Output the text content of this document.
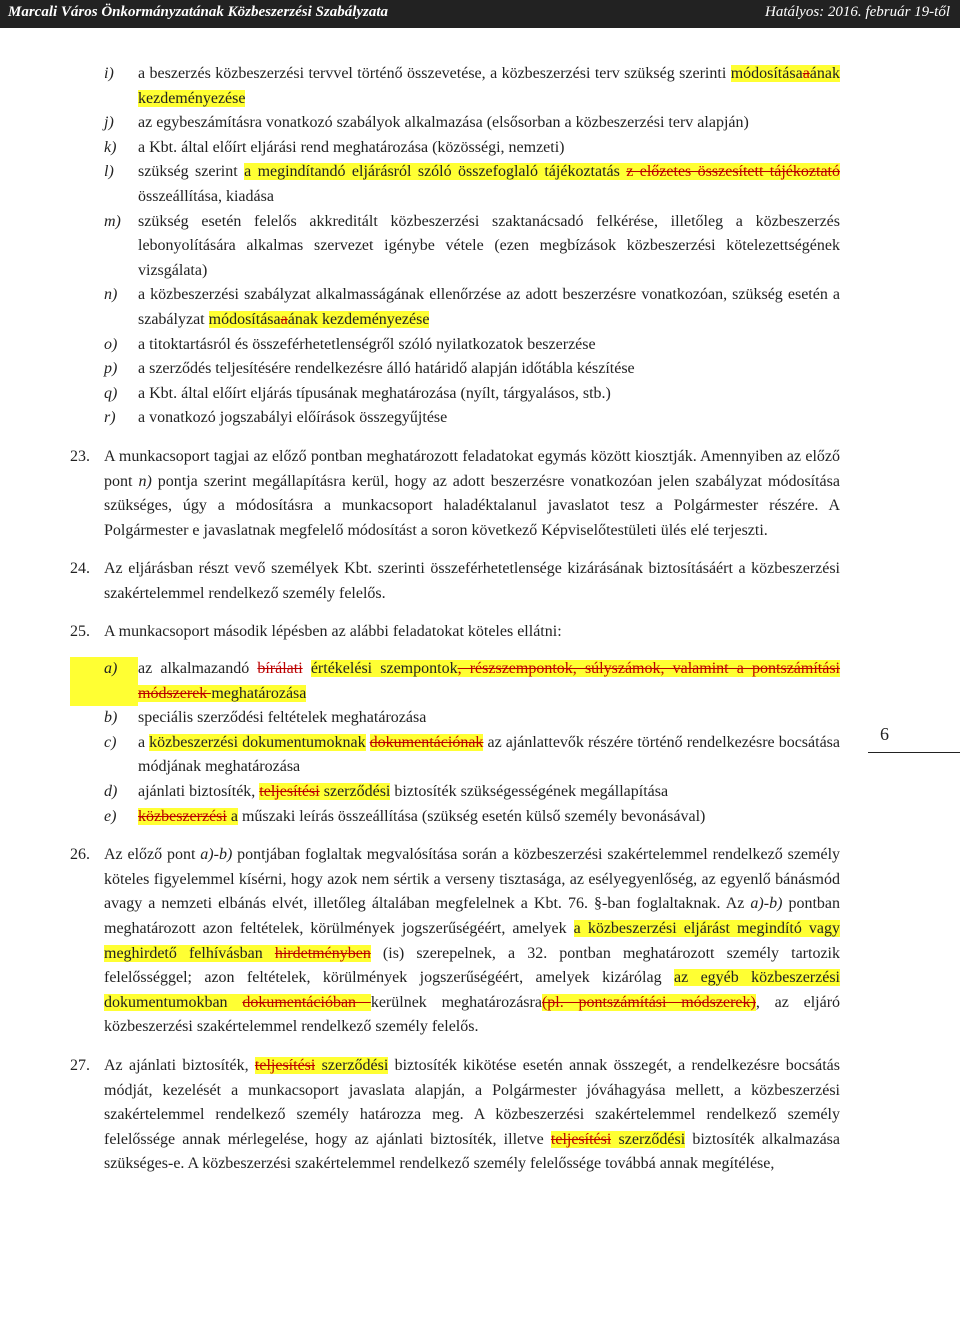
Marcali Város Önkormányzatának Közbeszerzési Szabályzata	Hatályos: 2016. február 19-től
i)	a beszerzés közbeszerzési tervvel történő összevetése, a közbeszerzési terv szükség szerinti módosításaaának kezdeményezése
j)	az egybeszámításra vonatkozó szabályok alkalmazása (elsősorban a közbeszerzési terv alapján)
k)	a Kbt. által előírt eljárási rend meghatározása (közösségi, nemzeti)
l)	szükség szerint a megindítandó eljárásról szóló összefoglaló tájékoztatás z előzetes összesített tájékoztató összeállítása, kiadása
m)	szükség esetén felelős akkreditált közbeszerzési szaktanácsadó felkérése, illetőleg a közbeszerzés lebonyolítására alkalmas szervezet igénybe vétele (ezen megbízások közbeszerzési kötelezettségének vizsgálata)
n)	a közbeszerzési szabályzat alkalmasságának ellenőrzése az adott beszerzésre vonatkozóan, szükség esetén a szabályzat módosításaaának kezdeményezése
o)	a titoktartásról és összeférhetetlenségről szóló nyilatkozatok beszerzése
p)	a szerződés teljesítésére rendelkezésre álló határidő alapján időtábla készítése
q)	a Kbt. által előírt eljárás típusának meghatározása (nyílt, tárgyalásos, stb.)
r)	a vonatkozó jogszabályi előírások összegyűjtése
23. A munkacsoport tagjai az előző pontban meghatározott feladatokat egymás között kiosztják. Amennyiben az előző pont n) pontja szerint megállapításra kerül, hogy az adott beszerzésre vonatkozóan jelen szabályzat módosítása szükséges, úgy a módosításra a munkacsoport haladéktalanul javaslatot tesz a Polgármester részére. A Polgármester e javaslatnak megfelelő módosítást a soron következő Képviselőtestületi ülés elé terjeszti.
24. Az eljárásban részt vevő személyek Kbt. szerinti összeférhetetlensége kizárásának biztosításáért a közbeszerzési szakértelemmel rendelkező személy felelős.
25. A munkacsoport második lépésben az alábbi feladatokat köteles ellátni:
a)	az alkalmazandó bírálati értékelési szempontok, részszempontok, súlyszámok, valamint a pontszámítási módszerek meghatározása
b)	speciális szerződési feltételek meghatározása
c)	a közbeszerzési dokumentumoknak dokumentációnak az ajánlattevők részére történő rendelkezésre bocsátása módjának meghatározása
d)	ajánlati biztosíték, teljesítési szerződési biztosíték szükségességének megállapítása
e)	közbeszerzési a műszaki leírás összeállítása (szükség esetén külső személy bevonásával)
26. Az előző pont a)-b) pontjában foglaltak megvalósítása során a közbeszerzési szakértelemmel rendelkező személy köteles figyelemmel kísérni, hogy azok nem sértik a verseny tisztasága, az esélyegyenlőség, az egyenlő bánásmód avagy a nemzeti elbánás elvét, illetőleg általában megfelelnek a Kbt. 76. §-ban foglaltaknak. Az a)-b) pontban meghatározott azon feltételek, körülmények jogszerűségéért, amelyek a közbeszerzési eljárást megindító vagy meghirdető felhívásban hirdetményben (is) szerepelnek, a 32. pontban meghatározott személy tartozik felelősséggel; azon feltételek, körülmények jogszerűségéért, amelyek kizárólag az egyéb közbeszerzési dokumentumokban dokumentációban kerülnek meghatározásra(pl. pontszámítási módszerek), az eljáró közbeszerzési szakértelemmel rendelkező személy felelős.
27. Az ajánlati biztosíték, teljesítési szerződési biztosíték kikötése esetén annak összegét, a rendelkezésre bocsátás módját, kezelését a munkacsoport javaslata alapján, a Polgármester jóváhagyása mellett, a közbeszerzési szakértelemmel rendelkező személy határozza meg. A közbeszerzési szakértelemmel rendelkező személy felelőssége annak mérlegelése, hogy az ajánlati biztosíték, illetve teljesítési szerződési biztosíték alkalmazása szükséges-e. A közbeszerzési szakértelemmel rendelkező személy felelőssége továbbá annak megítélése,
6
